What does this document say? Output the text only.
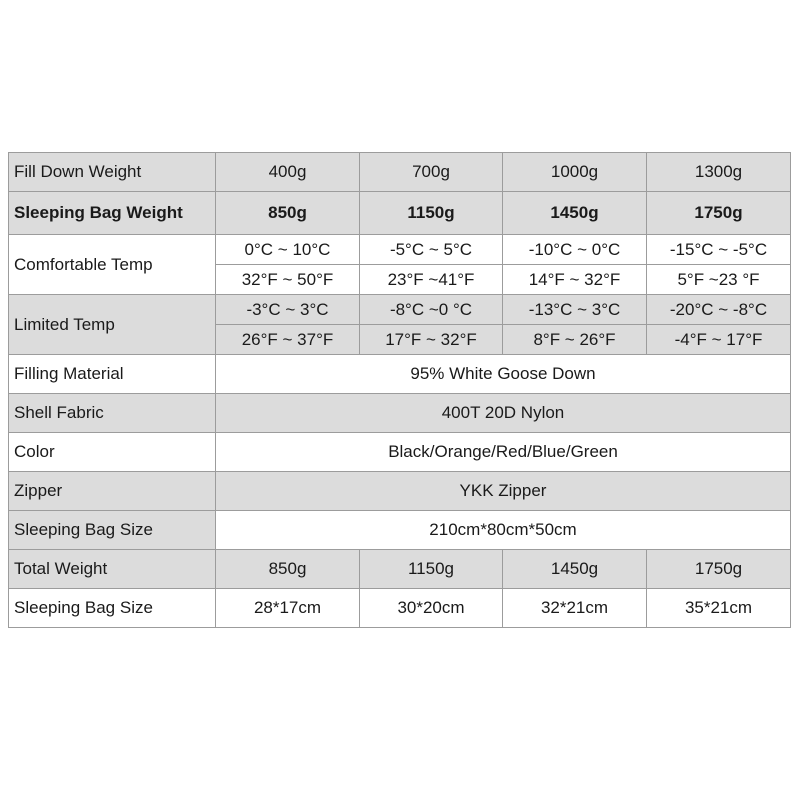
Fill Down Weight	400g	700g	1000g	1300g
Sleeping Bag Weight	850g	1150g	1450g	1750g
Comfortable Temp	0°C ~ 10°C	-5°C ~ 5°C	-10°C ~ 0°C	-15°C ~ -5°C
	32°F ~ 50°F	23°F ~41°F	14°F ~ 32°F	5°F ~23 °F
Limited Temp	-3°C ~ 3°C	-8°C ~0 °C	-13°C ~ 3°C	-20°C ~ -8°C
	26°F ~ 37°F	17°F ~ 32°F	8°F ~ 26°F	-4°F ~ 17°F
Filling Material	95% White Goose Down			
Shell Fabric	400T 20D Nylon			
Color	Black/Orange/Red/Blue/Green			
Zipper	YKK Zipper			
Sleeping Bag Size	210cm*80cm*50cm			
Total Weight	850g	1150g	1450g	1750g
Sleeping Bag Size	28*17cm	30*20cm	32*21cm	35*21cm
